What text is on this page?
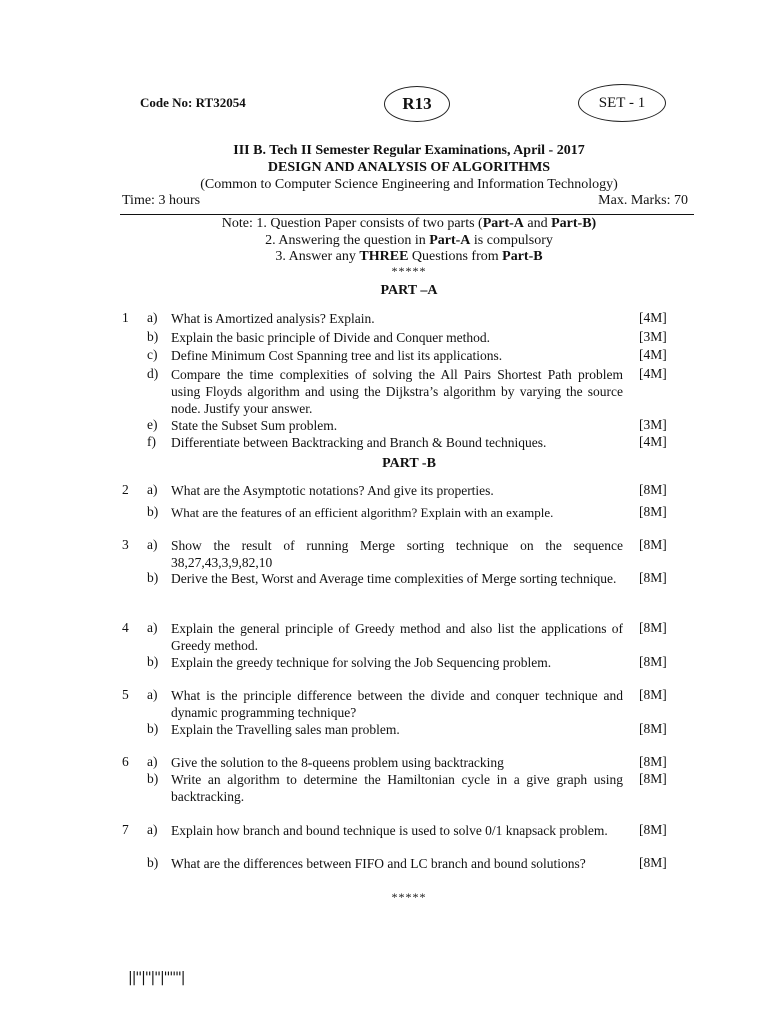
Code No: RT32054	R13	SET - 1
III B. Tech II Semester Regular Examinations, April - 2017
DESIGN AND ANALYSIS OF ALGORITHMS
(Common to Computer Science Engineering and Information Technology)
Time: 3 hours	Max. Marks: 70
Note: 1. Question Paper consists of two parts (Part-A and Part-B)
2. Answering the question in Part-A is compulsory
3. Answer any THREE Questions from Part-B
*****
PART –A
1 a)	What is Amortized analysis? Explain.	[4M]
b) Explain the basic principle of Divide and Conquer method.	[3M]
c)	Define Minimum Cost Spanning tree and list its applications.	[4M]
d) Compare the time complexities of solving the All Pairs Shortest Path problem using Floyds algorithm and using the Dijkstra’s algorithm by varying the source node. Justify your answer.
[4M]
e)	State the Subset Sum problem.	[3M]
f)	Differentiate between Backtracking and Branch & Bound techniques.	[4M]
PART -B
2 a)	What are the Asymptotic notations? And give its properties.	[8M]
b) What are the features of an efficient algorithm? Explain with an example.	[8M]
3 a)	Show the result of running Merge sorting technique on the sequence 38,27,43,3,9,82,10
[8M]
b) Derive the Best, Worst and Average time complexities of Merge sorting technique.	[8M]
4 a)	Explain the general principle of Greedy method and also list the applications of Greedy method.
[8M]
b) Explain the greedy technique for solving the Job Sequencing problem.	[8M]
5 a)	What is the principle difference between the divide and conquer technique and dynamic programming technique?
[8M]
b) Explain the Travelling sales man problem.	[8M]
6 a)	Give the solution to the 8-queens problem using backtracking	[8M]
b) Write an algorithm to determine the Hamiltonian cycle in a give graph using backtracking.
[8M]
7 a)	Explain how branch and bound technique is used to solve 0/1 knapsack problem.	[8M]
b) What are the differences between FIFO and LC branch and bound solutions?	[8M]
*****
||''|''|''|''''''|
